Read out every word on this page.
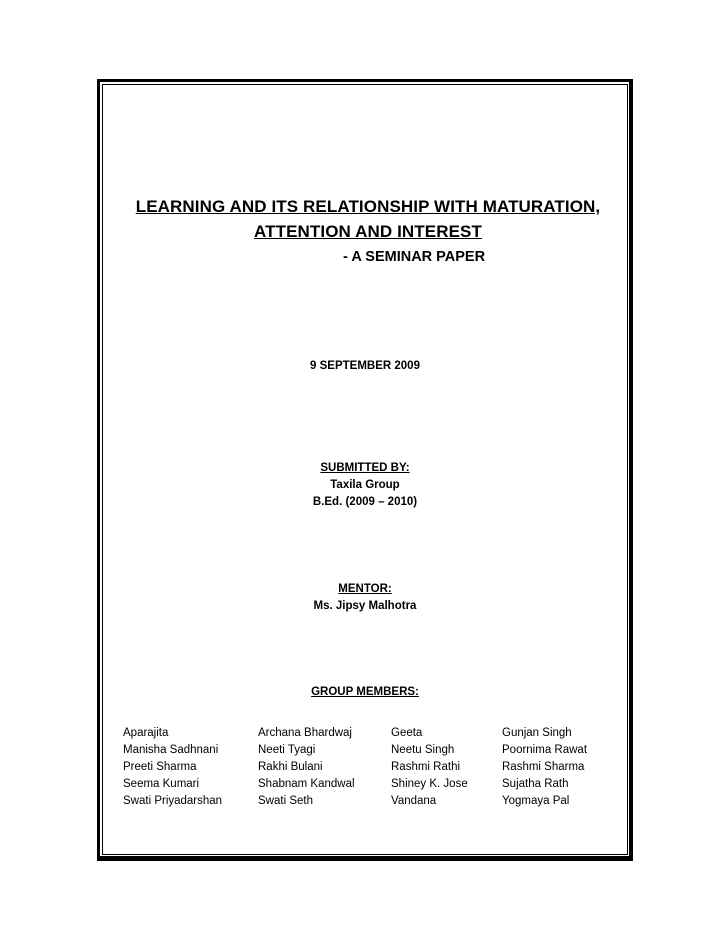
LEARNING AND ITS RELATIONSHIP WITH MATURATION,
ATTENTION AND INTEREST
- A SEMINAR PAPER
9 SEPTEMBER 2009
SUBMITTED BY:
Taxila Group
B.Ed. (2009 – 2010)
MENTOR:
Ms. Jipsy Malhotra
GROUP MEMBERS:
Aparajita	Archana Bhardwaj	Geeta	Gunjan Singh
Manisha Sadhnani	Neeti Tyagi	Neetu Singh	Poornima Rawat
Preeti Sharma	Rakhi Bulani	Rashmi Rathi	Rashmi Sharma
Seema Kumari	Shabnam Kandwal	Shiney K. Jose	Sujatha Rath
Swati Priyadarshan	Swati Seth	Vandana	Yogmaya Pal
